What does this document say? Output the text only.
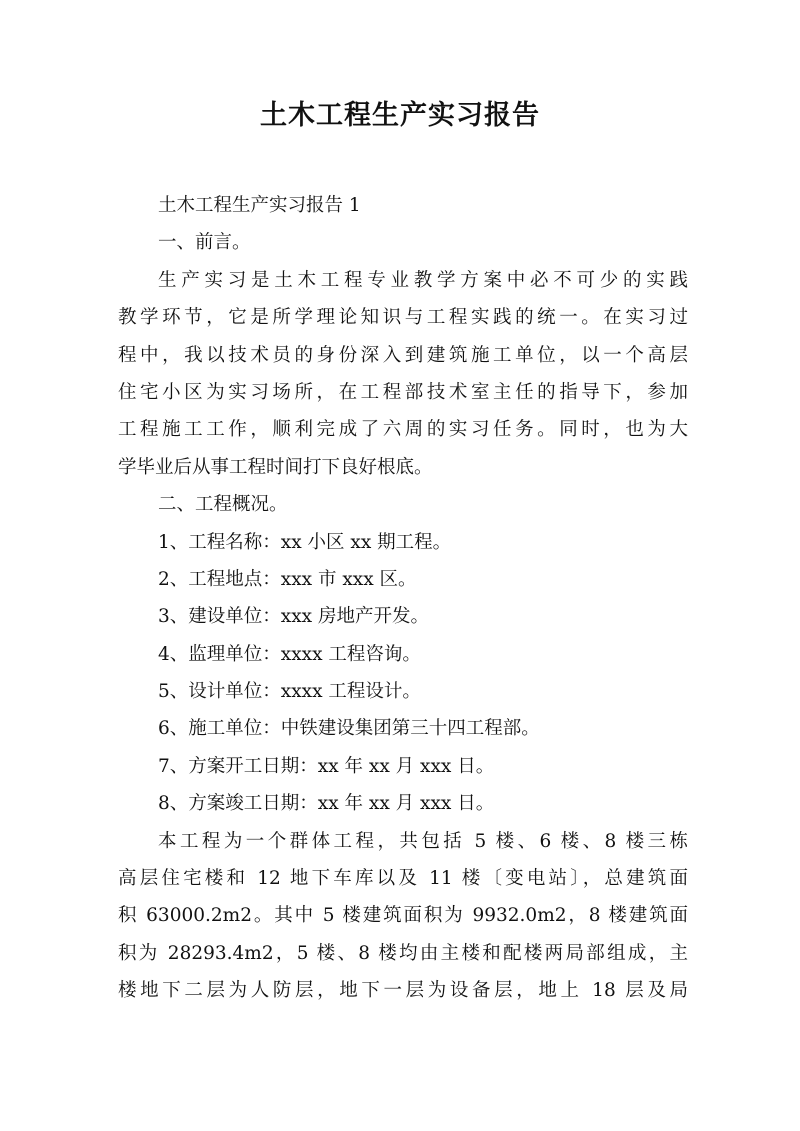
土木工程生产实习报告

土木工程生产实习报告 1

一、前言。

生产实习是土木工程专业教学方案中必不可少的实践

教学环节，它是所学理论知识与工程实践的统一。在实习过

程中，我以技术员的身份深入到建筑施工单位，以一个高层

住宅小区为实习场所，在工程部技术室主任的指导下，参加

工程施工工作，顺利完成了六周的实习任务。同时，也为大

学毕业后从事工程时间打下良好根底。

二、工程概况。

1、工程名称：xx 小区 xx 期工程。

2、工程地点：xxx 市 xxx 区。

3、建设单位：xxx 房地产开发。

4、监理单位：xxxx 工程咨询。

5、设计单位：xxxx 工程设计。

6、施工单位：中铁建设集团第三十四工程部。

7、方案开工日期：xx 年 xx 月 xxx 日。

8、方案竣工日期：xx 年 xx 月 xxx 日。

本工程为一个群体工程，共包括 5 楼、6 楼、8 楼三栋

高层住宅楼和 12 地下车库以及 11 楼〔变电站〕，总建筑面

积 63000.2m2。其中 5 楼建筑面积为 9932.0m2，8 楼建筑面

积为 28293.4m2，5 楼、8 楼均由主楼和配楼两局部组成，主

楼地下二层为人防层，地下一层为设备层，地上 18 层及局
